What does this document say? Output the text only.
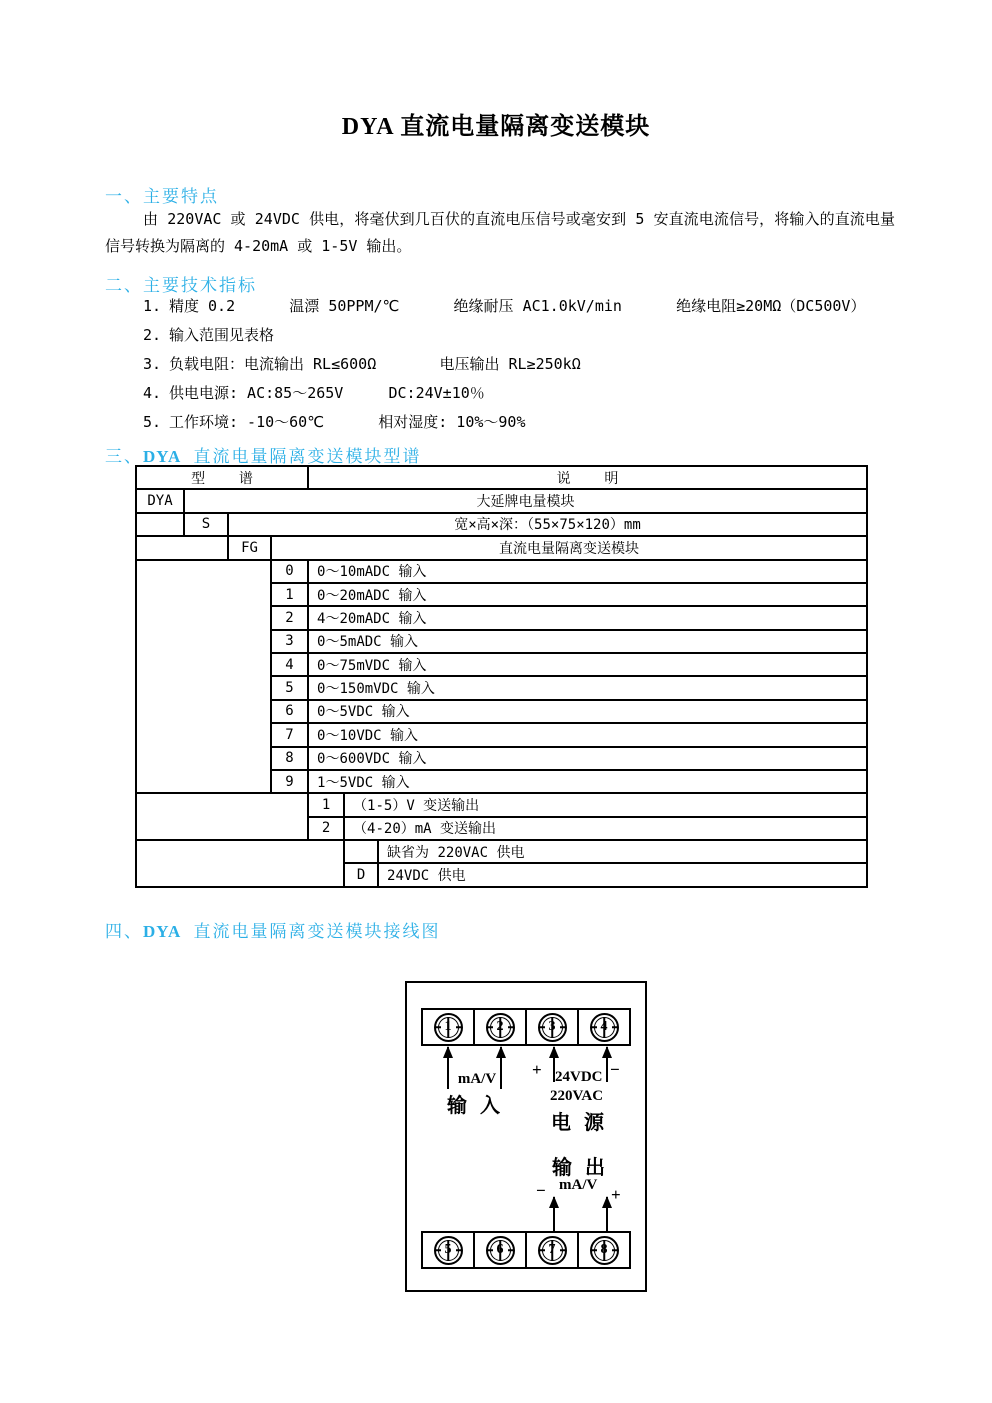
DYA 直流电量隔离变送模块
一、主要特点
由 220VAC 或 24VDC 供电，将毫伏到几百伏的直流电压信号或毫安到 5 安直流电流信号，将输入的直流电量信号转换为隔离的 4-20mA 或 1-5V 输出。
二、主要技术指标
1. 精度 0.2      温漂 50PPM/℃      绝缘耐压 AC1.0kV/min      绝缘电阻≥20MΩ（DC500V）
2. 输入范围见表格
3. 负载电阻：电流输出 RL≤600Ω       电压输出 RL≥250kΩ
4. 供电电源: AC:85～265V     DC:24V±10％
5. 工作环境: -10～60℃      相对湿度: 10%～90%
三、DYA 直流电量隔离变送模块型谱
型    谱				说    明		
DYA	大延牌电量模块					
	S	宽×高×深：（55×75×120）mm				
		FG	直流电量隔离变送模块			
			0	0～10mADC 输入		
			1	0～20mADC 输入		
			2	4～20mADC 输入		
			3	0～5mADC 输入		
			4	0～75mVDC 输入		
			5	0～150mVDC 输入		
			6	0～5VDC 输入		
			7	0～10VDC 输入		
			8	0～600VDC 输入		
			9	1～5VDC 输入		
				1	（1-5）V 变送输出	
				2	（4-20）mA 变送输出	
						缺省为 220VAC 供电
					D	24VDC 供电
四、DYA 直流电量隔离变送模块接线图
1	2	3	4
mA/V
输 入
+ 24VDC −
220VAC
电 源
输 出
mA/V
−	+
5	6	7	8
